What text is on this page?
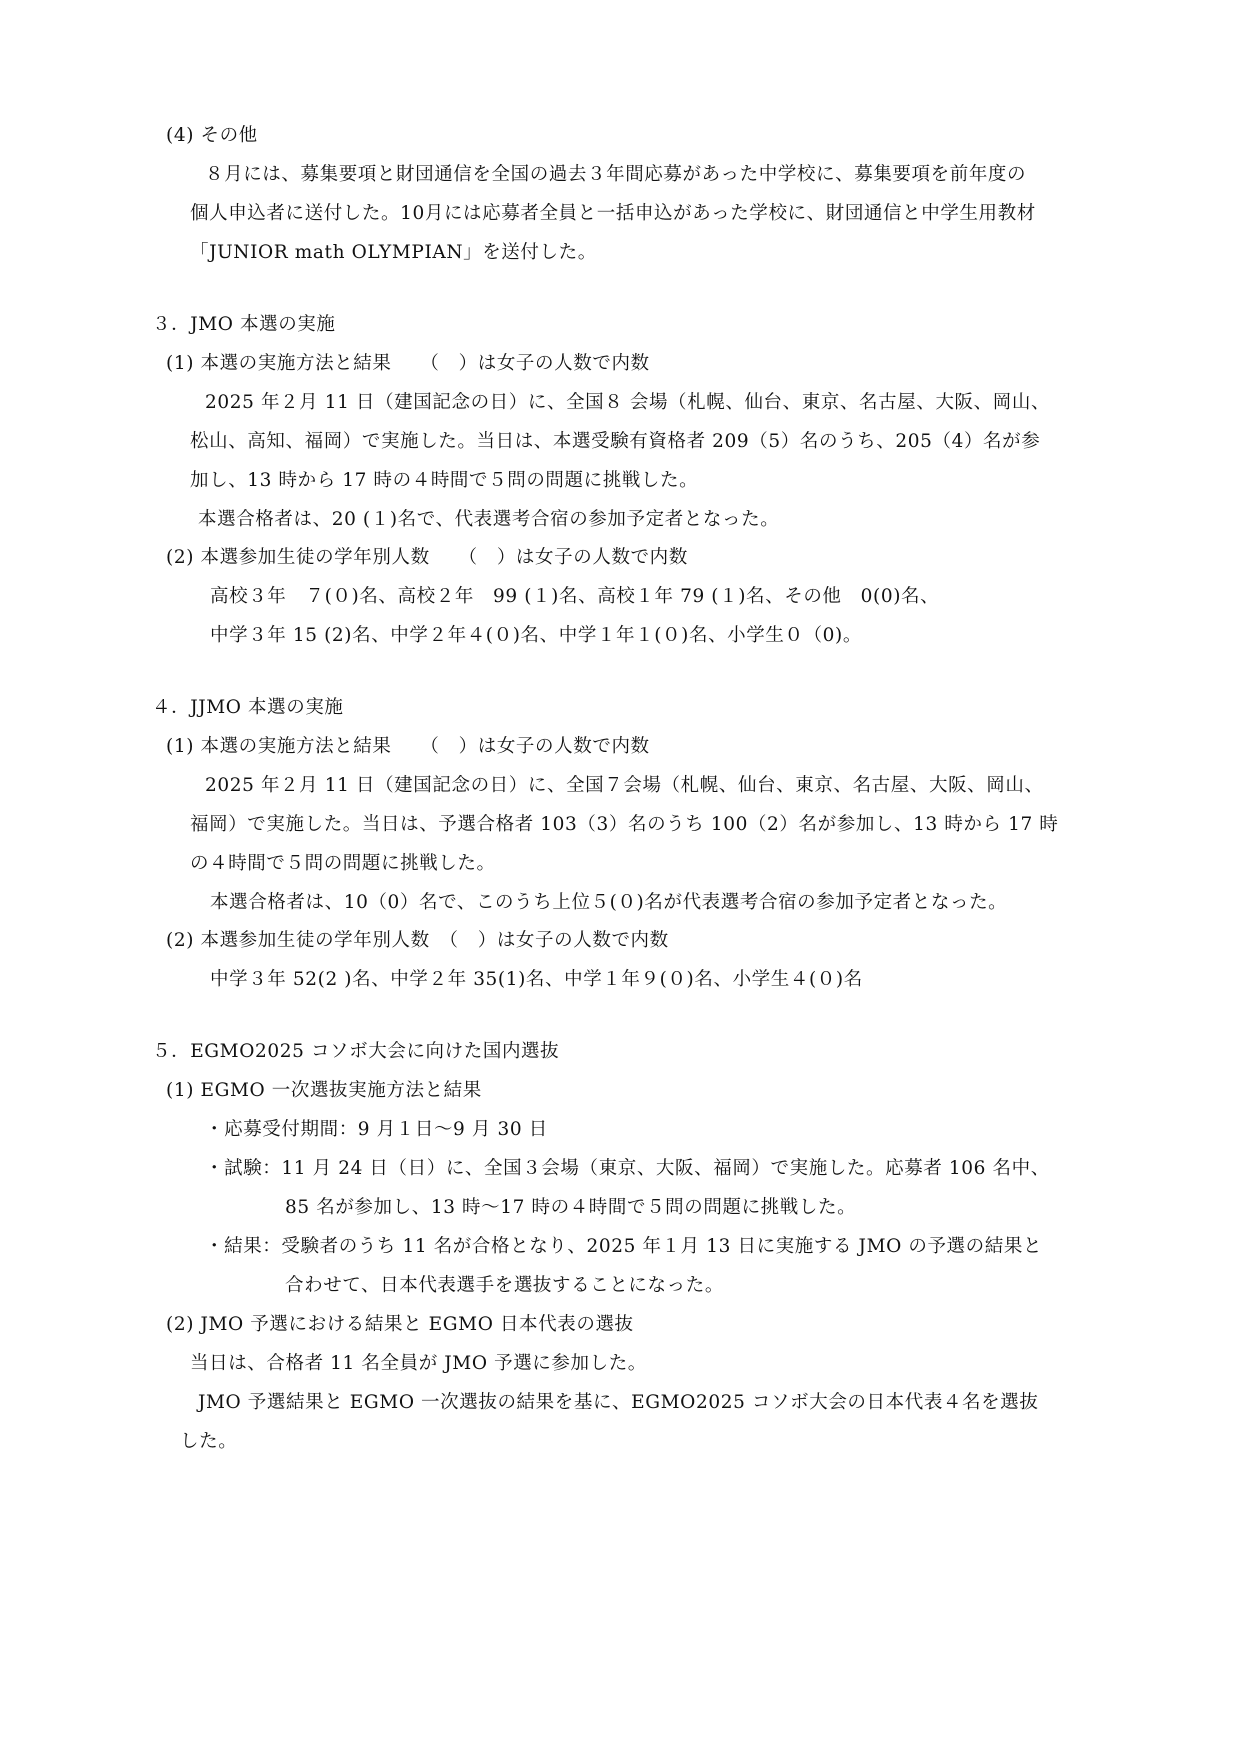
(4) その他
８月には、募集要項と財団通信を全国の過去３年間応募があった中学校に、募集要項を前年度の
個人申込者に送付した。10月には応募者全員と一括申込があった学校に、財団通信と中学生用教材
「JUNIOR math OLYMPIAN」を送付した。
３．JMO 本選の実施
(1) 本選の実施方法と結果　　（　）は女子の人数で内数
2025 年２月 11 日（建国記念の日）に、全国８ 会場（札幌、仙台、東京、名古屋、大阪、岡山、
松山、高知、福岡）で実施した。当日は、本選受験有資格者 209（5）名のうち、205（4）名が参
加し、13 時から 17 時の４時間で５問の問題に挑戦した。
本選合格者は、20 (１)名で、代表選考合宿の参加予定者となった。
(2) 本選参加生徒の学年別人数　　（　）は女子の人数で内数
高校３年　７(０)名、高校２年　99 (１)名、高校１年 79 (１)名、その他　0(0)名、
中学３年 15 (2)名、中学２年４(０)名、中学１年１(０)名、小学生０（0)。
４．JJMO 本選の実施
(1) 本選の実施方法と結果　　（　）は女子の人数で内数
2025 年２月 11 日（建国記念の日）に、全国７会場（札幌、仙台、東京、名古屋、大阪、岡山、
福岡）で実施した。当日は、予選合格者 103（3）名のうち 100（2）名が参加し、13 時から 17 時
の４時間で５問の問題に挑戦した。
本選合格者は、10（0）名で、このうち上位５(０)名が代表選考合宿の参加予定者となった。
(2) 本選参加生徒の学年別人数　（　）は女子の人数で内数
中学３年 52(2 )名、中学２年 35(1)名、中学１年９(０)名、小学生４(０)名
５．EGMO2025 コソボ大会に向けた国内選抜
(1) EGMO 一次選抜実施方法と結果
・応募受付期間：9 月１日～9 月 30 日
・試験：11 月 24 日（日）に、全国３会場（東京、大阪、福岡）で実施した。応募者 106 名中、
85 名が参加し、13 時～17 時の４時間で５問の問題に挑戦した。
・結果：受験者のうち 11 名が合格となり、2025 年１月 13 日に実施する JMO の予選の結果と
合わせて、日本代表選手を選抜することになった。
(2) JMO 予選における結果と EGMO 日本代表の選抜
当日は、合格者 11 名全員が JMO 予選に参加した。
JMO 予選結果と EGMO 一次選抜の結果を基に、EGMO2025 コソボ大会の日本代表４名を選抜
した。
